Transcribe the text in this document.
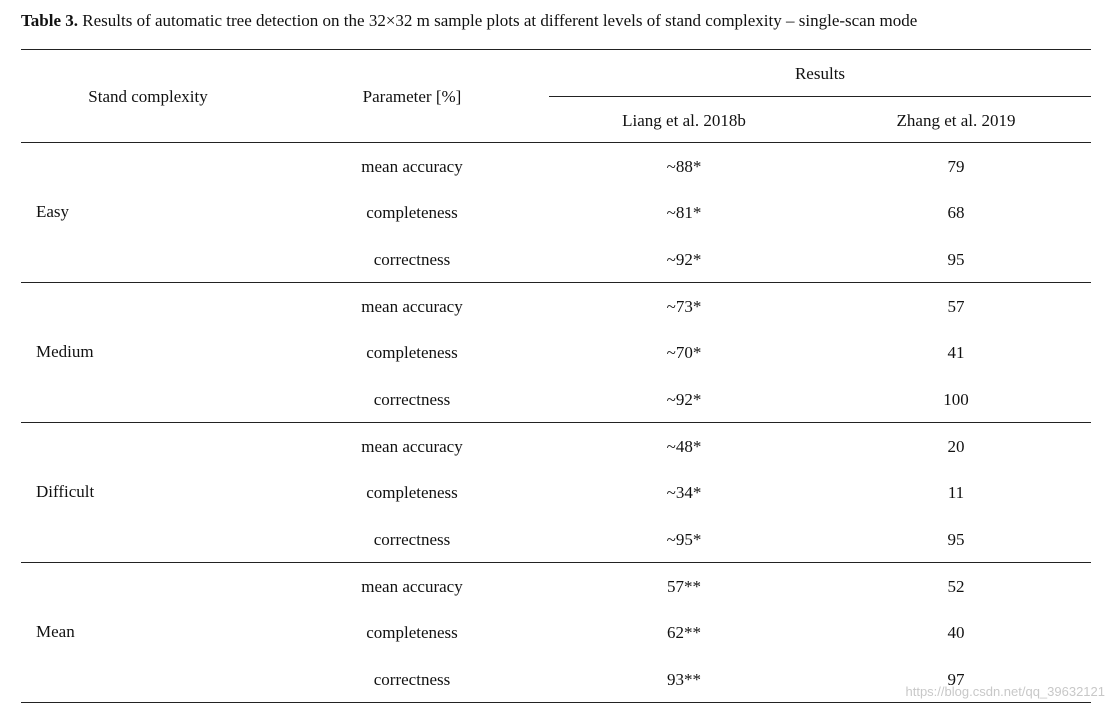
Table 3. Results of automatic tree detection on the 32×32 m sample plots at different levels of stand complexity – single-scan mode
Stand complexity	Parameter [%]
Results
Liang et al. 2018b	Zhang et al. 2019
Easy
mean accuracy	~88*	79
completeness	~81*	68
correctness	~92*	95
Medium
mean accuracy	~73*	57
completeness	~70*	41
correctness	~92*	100
Difficult
mean accuracy	~48*	20
completeness	~34*	11
correctness	~95*	95
Mean
mean accuracy	57**	52
completeness	62**	40
correctness	93**	97
https://blog.csdn.net/qq_39632121
